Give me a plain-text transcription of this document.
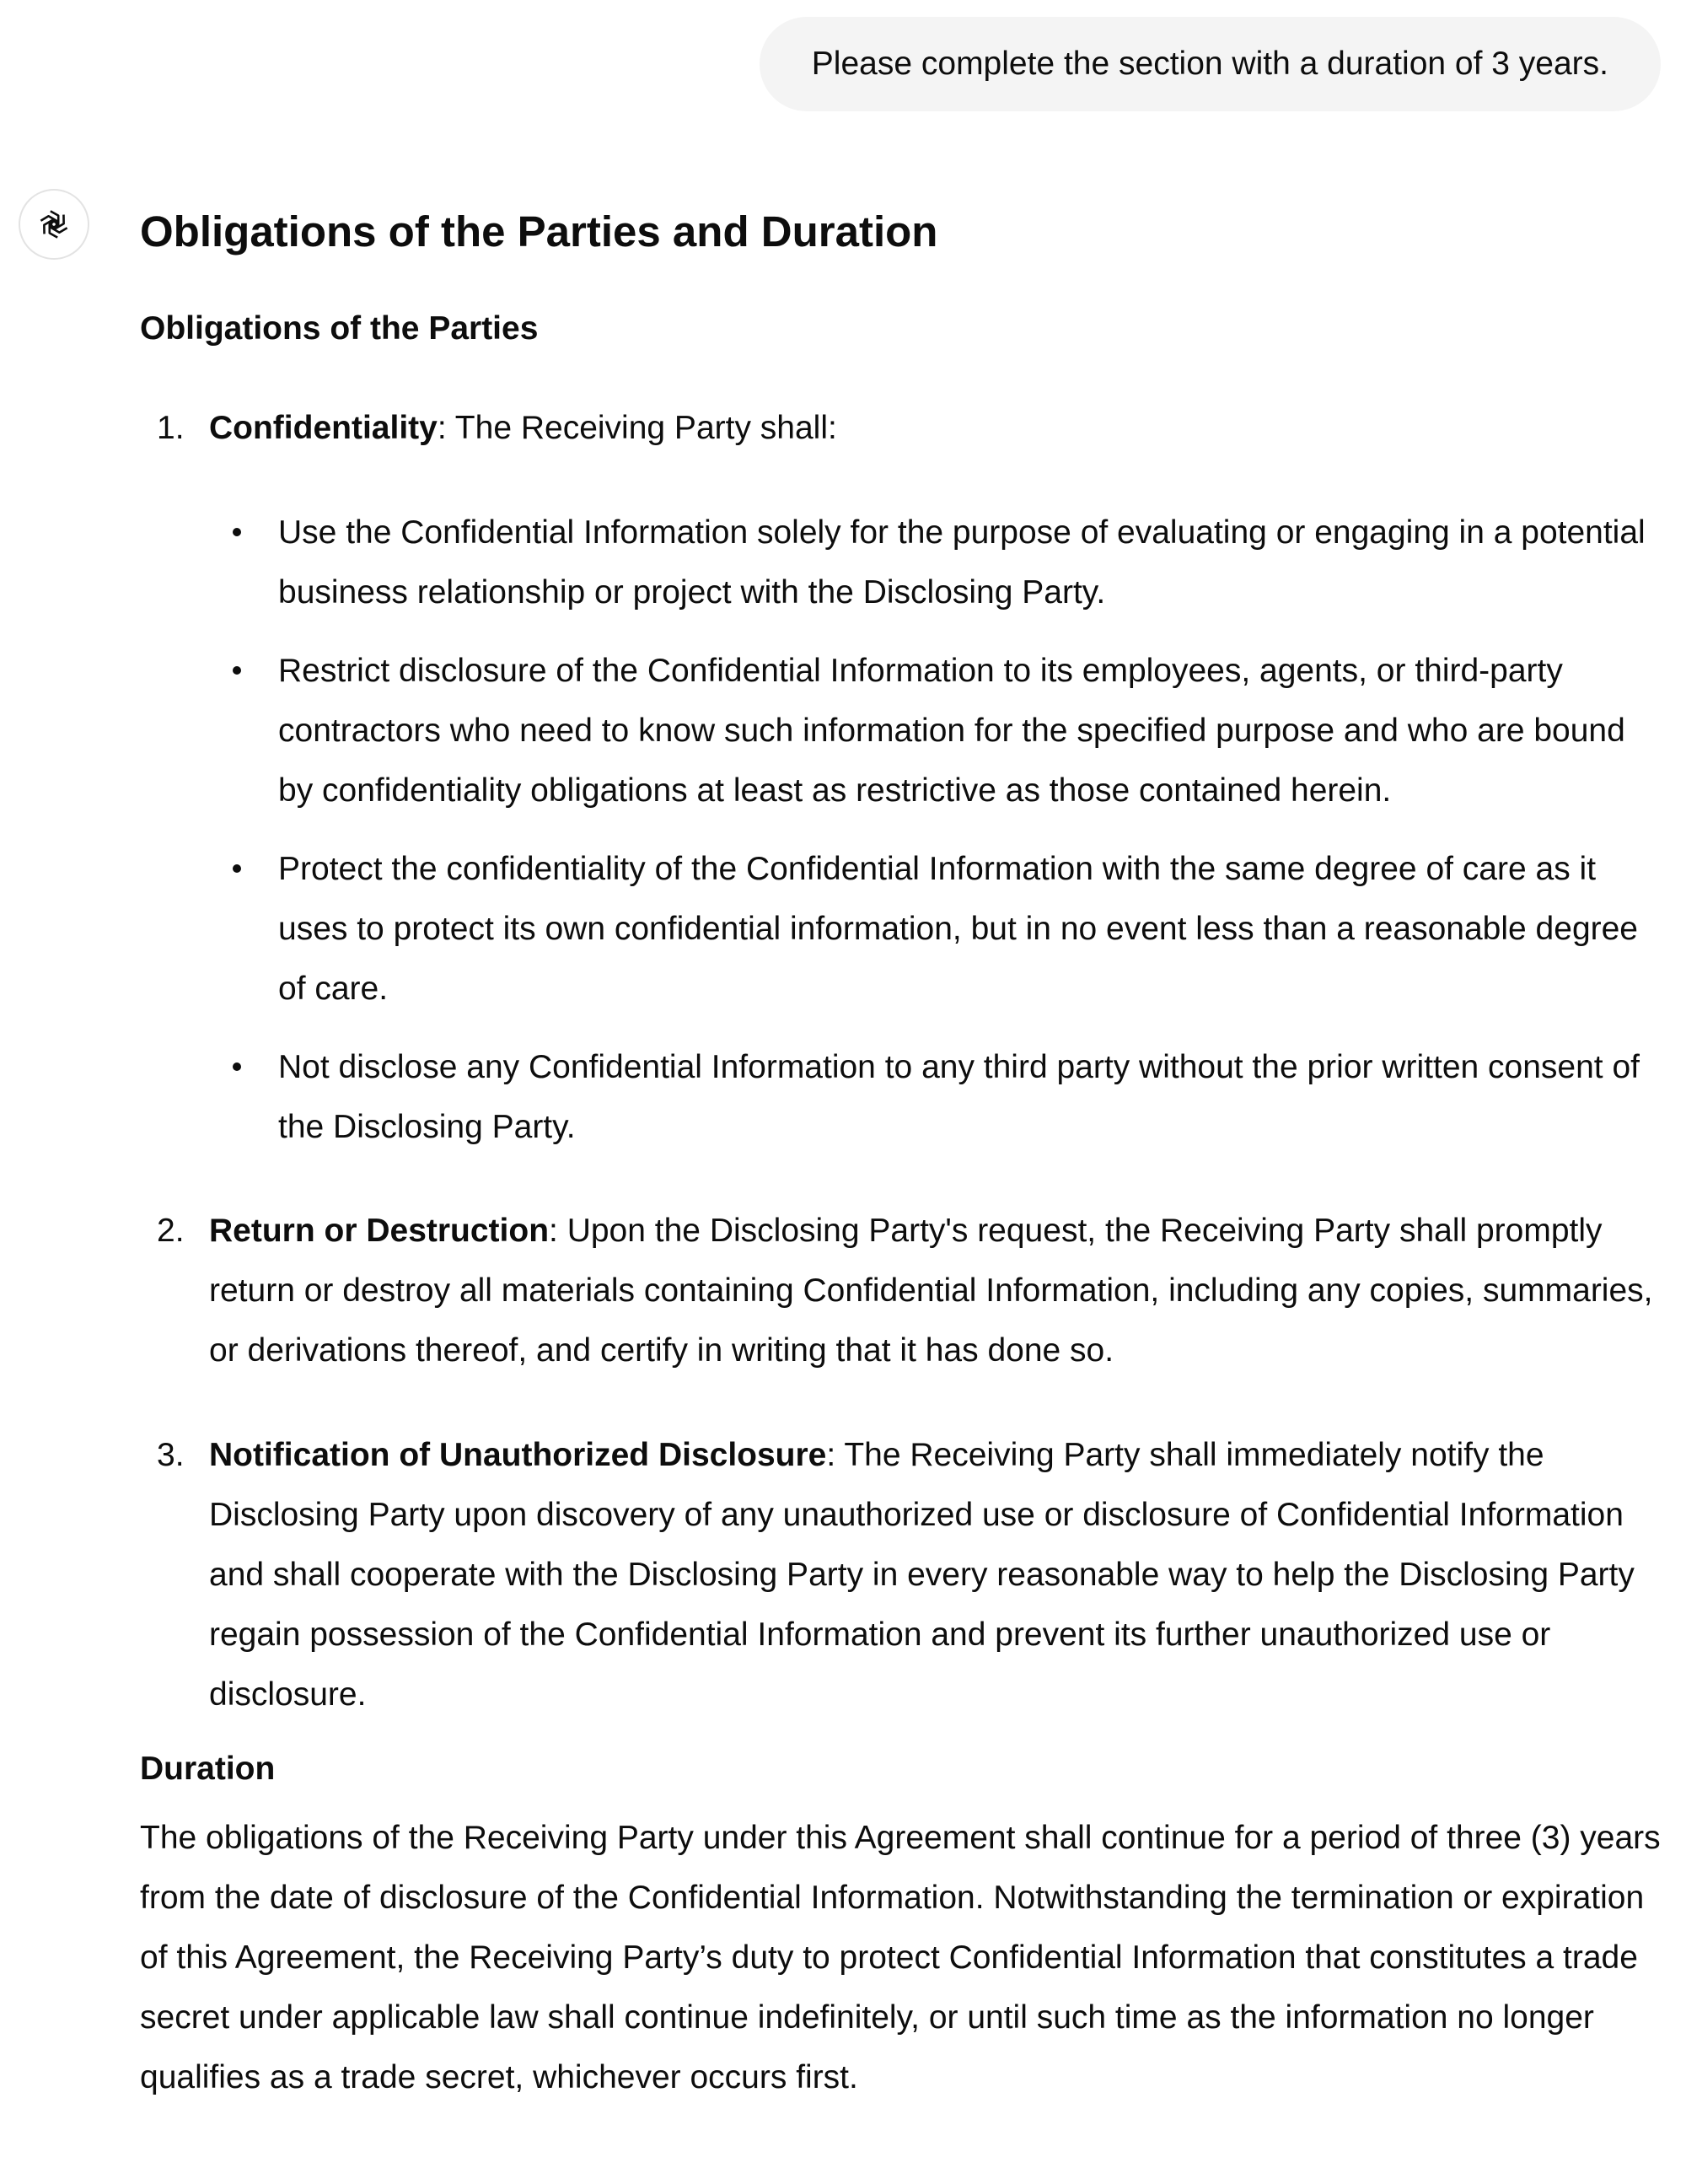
Please complete the section with a duration of 3 years.
Obligations of the Parties and Duration
Obligations of the Parties
1. Confidentiality: The Receiving Party shall:
Use the Confidential Information solely for the purpose of evaluating or engaging in a potential business relationship or project with the Disclosing Party.
Restrict disclosure of the Confidential Information to its employees, agents, or third-party contractors who need to know such information for the specified purpose and who are bound by confidentiality obligations at least as restrictive as those contained herein.
Protect the confidentiality of the Confidential Information with the same degree of care as it uses to protect its own confidential information, but in no event less than a reasonable degree of care.
Not disclose any Confidential Information to any third party without the prior written consent of the Disclosing Party.
2. Return or Destruction: Upon the Disclosing Party's request, the Receiving Party shall promptly return or destroy all materials containing Confidential Information, including any copies, summaries, or derivations thereof, and certify in writing that it has done so.
3. Notification of Unauthorized Disclosure: The Receiving Party shall immediately notify the Disclosing Party upon discovery of any unauthorized use or disclosure of Confidential Information and shall cooperate with the Disclosing Party in every reasonable way to help the Disclosing Party regain possession of the Confidential Information and prevent its further unauthorized use or disclosure.
Duration
The obligations of the Receiving Party under this Agreement shall continue for a period of three (3) years from the date of disclosure of the Confidential Information. Notwithstanding the termination or expiration of this Agreement, the Receiving Party’s duty to protect Confidential Information that constitutes a trade secret under applicable law shall continue indefinitely, or until such time as the information no longer qualifies as a trade secret, whichever occurs first.
